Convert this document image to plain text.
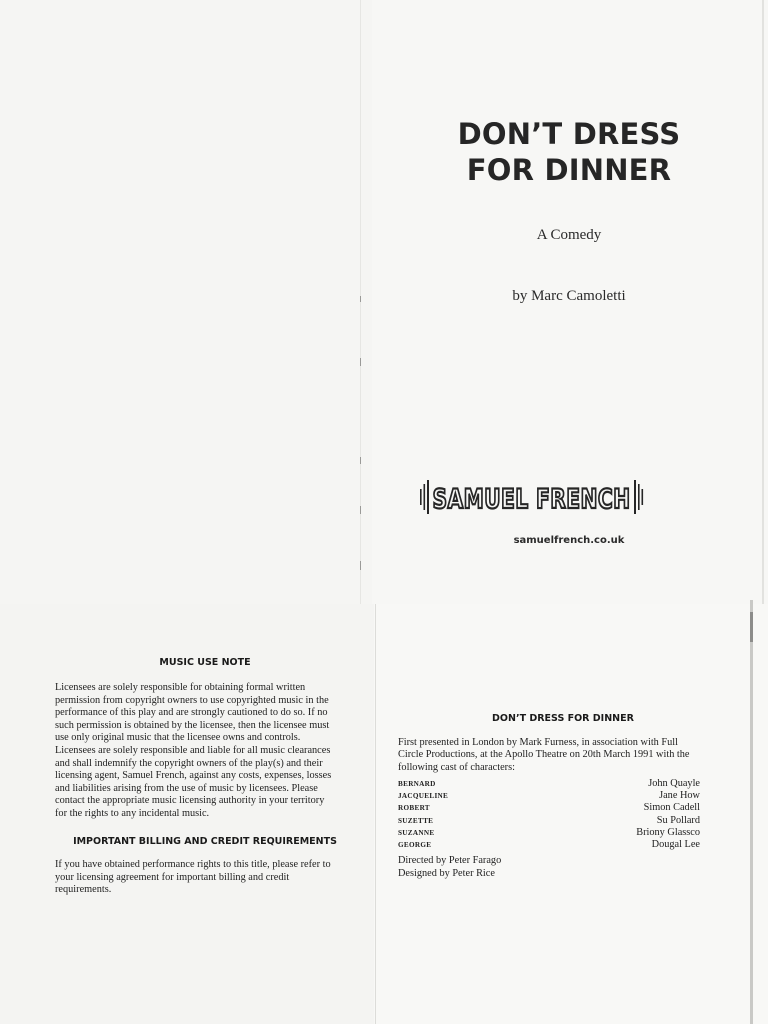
DON’T DRESS
FOR DINNER
A Comedy
by Marc Camoletti
SAMUEL FRENCH
samuelfrench.co.uk
MUSIC USE NOTE
Licensees are solely responsible for obtaining formal written permission from copyright owners to use copyrighted music in the performance of this play and are strongly cautioned to do so. If no such permission is obtained by the licensee, then the licensee must use only original music that the licensee owns and controls. Licensees are solely responsible and liable for all music clearances and shall indemnify the copyright owners of the play(s) and their licensing agent, Samuel French, against any costs, expenses, losses and liabilities arising from the use of music by licensees. Please contact the appropriate music licensing authority in your territory for the rights to any incidental music.
IMPORTANT BILLING AND CREDIT REQUIREMENTS
If you have obtained performance rights to this title, please refer to your licensing agreement for important billing and credit requirements.
DON’T DRESS FOR DINNER
First presented in London by Mark Furness, in association with Full Circle Productions, at the Apollo Theatre on 20th March 1991 with the following cast of characters:
BERNARD	John Quayle
JACQUELINE	Jane How
ROBERT	Simon Cadell
SUZETTE	Su Pollard
SUZANNE	Briony Glassco
GEORGE	Dougal Lee
Directed by Peter Farago
Designed by Peter Rice
